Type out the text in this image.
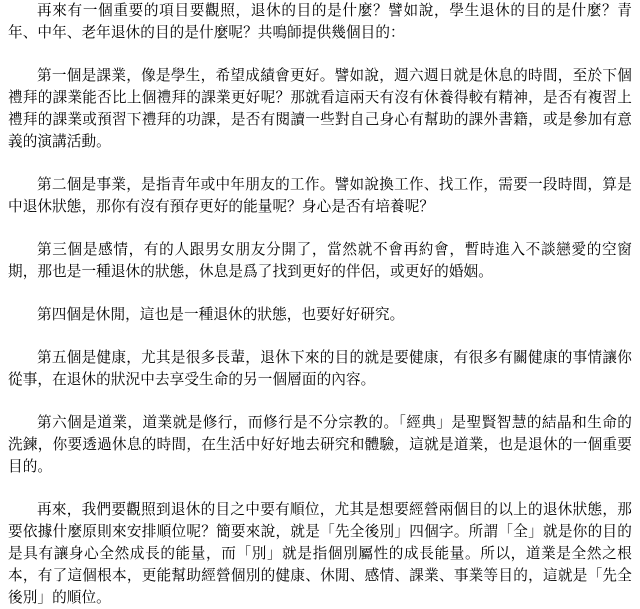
再來有一個重要的項目要觀照，退休的目的是什麼？譬如說，學生退休的目的是什麼？青年、中年、老年退休的目的是什麼呢？共鳴師提供幾個目的：

第一個是課業，像是學生，希望成績會更好。譬如說，週六週日就是休息的時間，至於下個禮拜的課業能否比上個禮拜的課業更好呢？那就看這兩天有沒有休養得較有精神，是否有複習上禮拜的課業或預習下禮拜的功課，是否有閱讀一些對自己身心有幫助的課外書籍，或是參加有意義的演講活動。

第二個是事業，是指青年或中年朋友的工作。譬如說換工作、找工作，需要一段時間，算是中退休狀態，那你有沒有預存更好的能量呢？身心是否有培養呢？

第三個是感情，有的人跟男女朋友分開了，當然就不會再約會，暫時進入不談戀愛的空窗期，那也是一種退休的狀態，休息是爲了找到更好的伴侶，或更好的婚姻。

第四個是休閒，這也是一種退休的狀態，也要好好研究。

第五個是健康，尤其是很多長輩，退休下來的目的就是要健康，有很多有關健康的事情讓你從事，在退休的狀況中去享受生命的另一個層面的內容。

第六個是道業，道業就是修行，而修行是不分宗教的。「經典」是聖賢智慧的結晶和生命的洗鍊，你要透過休息的時間，在生活中好好地去研究和體驗，這就是道業，也是退休的一個重要目的。

再來，我們要觀照到退休的目之中要有順位，尤其是想要經營兩個目的以上的退休狀態，那要依據什麼原則來安排順位呢？簡要來說，就是「先全後別」四個字。所謂「全」就是你的目的是具有讓身心全然成長的能量，而「別」就是指個別屬性的成長能量。所以，道業是全然之根本，有了這個根本，更能幫助經營個別的健康、休閒、感情、課業、事業等目的，這就是「先全後別」的順位。
